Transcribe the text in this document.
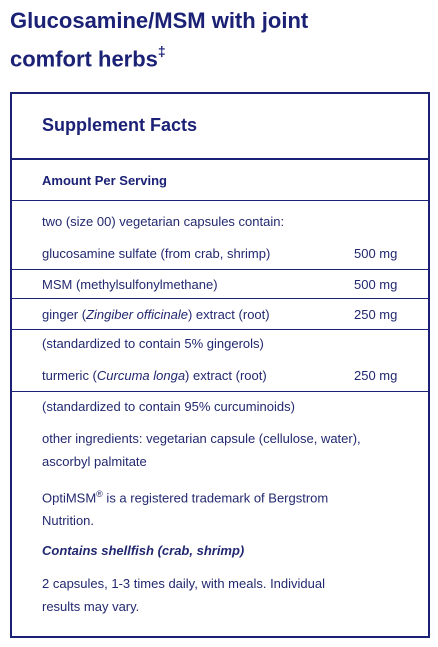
Glucosamine/MSM with joint
comfort herbs‡
Supplement Facts
Amount Per Serving
two (size 00) vegetarian capsules contain:
glucosamine sulfate (from crab, shrimp)	500 mg
MSM (methylsulfonylmethane)	500 mg
ginger (Zingiber officinale) extract (root)	250 mg
(standardized to contain 5% gingerols)
turmeric (Curcuma longa) extract (root)	250 mg
(standardized to contain 95% curcuminoids)
other ingredients: vegetarian capsule (cellulose, water),
ascorbyl palmitate
OptiMSM® is a registered trademark of Bergstrom
Nutrition.
Contains shellfish (crab, shrimp)
2 capsules, 1-3 times daily, with meals. Individual
results may vary.
